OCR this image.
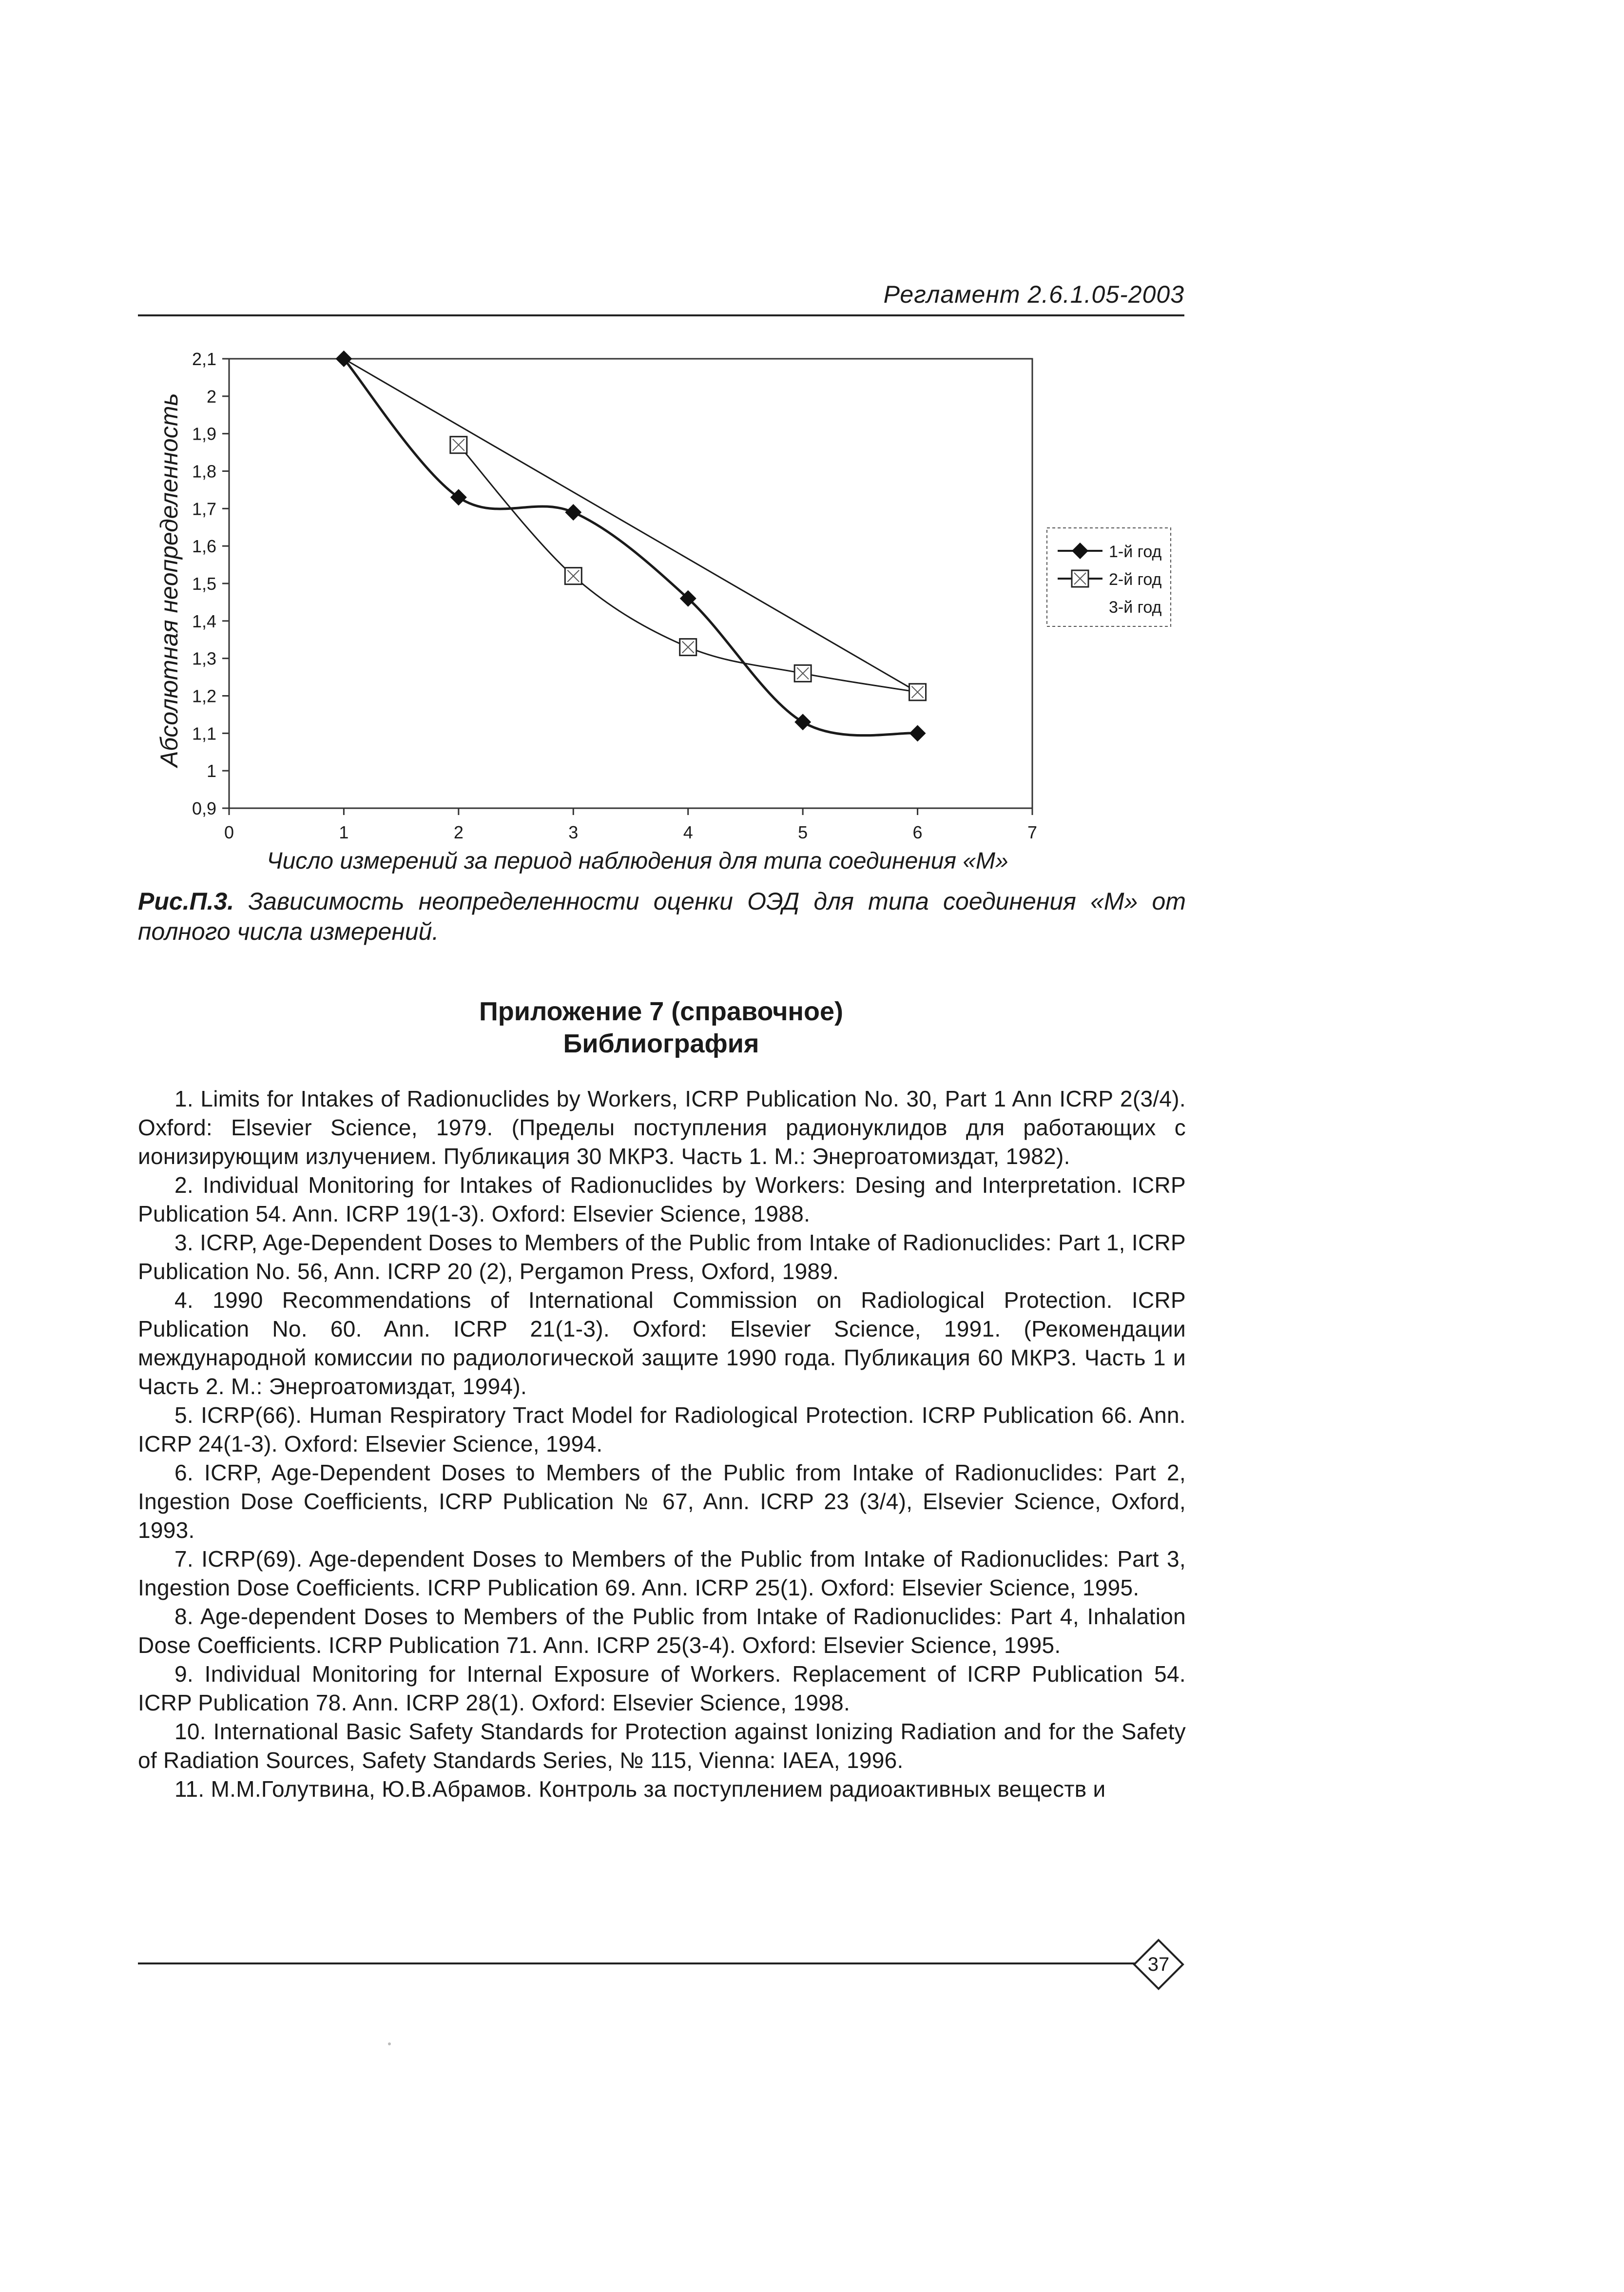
Регламент 2.6.1.05-2003
2,1
2
1,9
1,8
1,7
1,6
1,5
1,4
1,3
1,2
1,1
1
0,9
0	1	2	3	4	5	6	7
Абсолютная неопределенность
Число измерений за период наблюдения для типа соединения «М»
1-й год
2-й год
3-й год
Рис.П.3. Зависимость неопределенности оценки ОЭД для типа соединения «М» от полного числа измерений.
Приложение 7 (справочное)
Библиография

1. Limits for Intakes of Radionuclides by Workers, ICRP Publication No. 30, Part 1 Ann ICRP 2(3/4). Oxford: Elsevier Science, 1979. (Пределы поступления радионуклидов для работающих с ионизирующим излучением. Публикация 30 МКРЗ. Часть 1. М.: Энергоатомиздат, 1982).

2. Individual Monitoring for Intakes of Radionuclides by Workers: Desing and Interpretation. ICRP Publication 54. Ann. ICRP 19(1-3). Oxford: Elsevier Science, 1988.

3. ICRP, Age-Dependent Doses to Members of the Public from Intake of Radionuclides: Part 1, ICRP Publication No. 56, Ann. ICRP 20 (2), Pergamon Press, Oxford, 1989.

4. 1990 Recommendations of International Commission on Radiological Protection. ICRP Publication No. 60. Ann. ICRP 21(1-3). Oxford: Elsevier Science, 1991. (Рекомендации международной комиссии по радиологической защите 1990 года. Публикация 60 МКРЗ. Часть 1 и Часть 2. М.: Энергоатомиздат, 1994).

5. ICRP(66). Human Respiratory Tract Model for Radiological Protection. ICRP Publication 66. Ann. ICRP 24(1-3). Oxford: Elsevier Science, 1994.

6. ICRP, Age-Dependent Doses to Members of the Public from Intake of Radionuclides: Part 2, Ingestion Dose Coefficients, ICRP Publication № 67, Ann. ICRP 23 (3/4), Elsevier Science, Oxford, 1993.

7. ICRP(69). Age-dependent Doses to Members of the Public from Intake of Radionuclides: Part 3, Ingestion Dose Coefficients. ICRP Publication 69. Ann. ICRP 25(1). Oxford: Elsevier Science, 1995.

8. Age-dependent Doses to Members of the Public from Intake of Radionuclides: Part 4, Inhalation Dose Coefficients. ICRP Publication 71. Ann. ICRP 25(3-4). Oxford: Elsevier Science, 1995.

9. Individual Monitoring for Internal Exposure of Workers. Replacement of ICRP Publication 54. ICRP Publication 78. Ann. ICRP 28(1). Oxford: Elsevier Science, 1998.

10. International Basic Safety Standards for Protection against Ionizing Radiation and for the Safety of Radiation Sources, Safety Standards Series, № 115, Vienna: IAEA, 1996.

11. М.М.Голутвина, Ю.В.Абрамов. Контроль за поступлением радиоактивных веществ и

37
